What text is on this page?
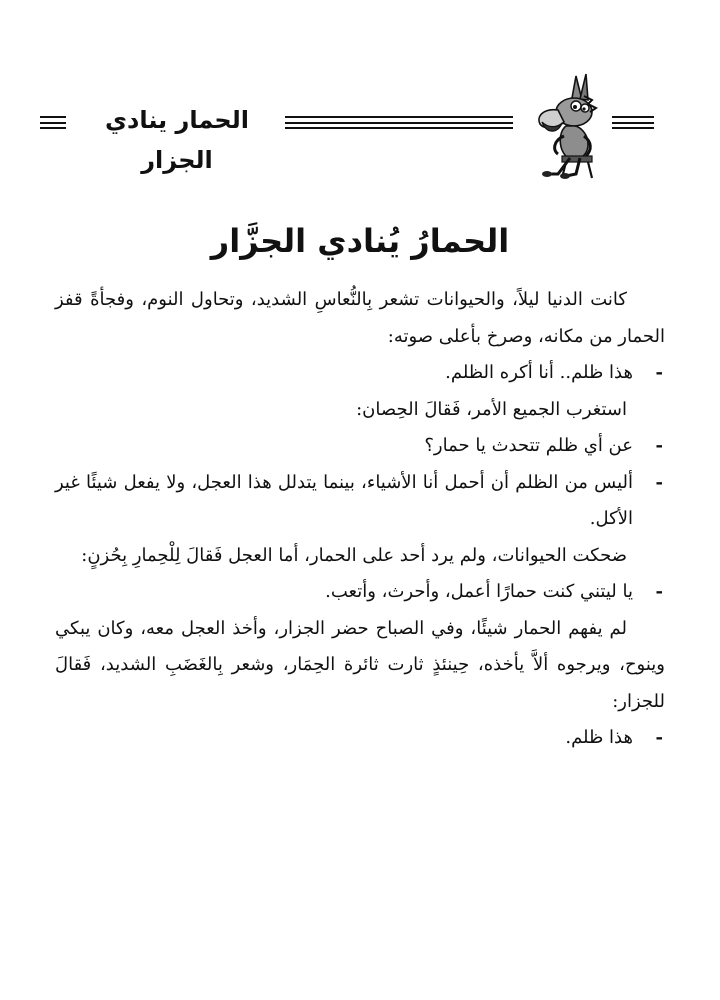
الحمار ينادي الجزار
الحمارُ يُنادي الجزَّار

كانت الدنيا ليلاً، والحيوانات تشعر بِالنُّعاسِ الشديد، وتحاول النوم، وفجأةً قفز الحمار من مكانه، وصرخ بأعلى صوته:

-
هذا ظلم.. أنا أكره الظلم.

استغرب الجميع الأمر، فَقالَ الحِصان:

-
عن أي ظلم تتحدث يا حمار؟

-
أليس من الظلم أن أحمل أنا الأشياء، بينما يتدلل هذا العجل، ولا يفعل شيئًا غير الأكل.

ضحكت الحيوانات، ولم يرد أحد على الحمار، أما العجل فَقالَ لِلْحِمارِ بِحُزنٍ:

-
يا ليتني كنت حمارًا أعمل، وأحرث، وأتعب.

لم يفهم الحمار شيئًا، وفي الصباح حضر الجزار، وأخذ العجل معه، وكان يبكي وينوح، ويرجوه ألاَّ يأخذه، حِينئذٍ ثارت ثائرة الحِمَار، وشعر بِالغَضَبِ الشديد، فَقالَ للجزار:

-
هذا ظلم.
